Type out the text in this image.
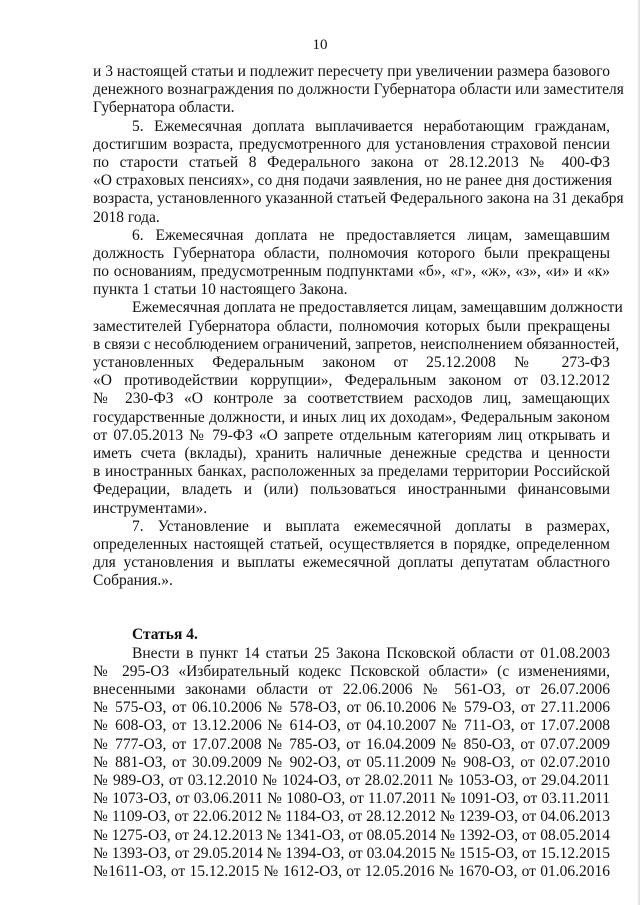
10
и 3 настоящей статьи и подлежит пересчету при увеличении размера базового
денежного вознаграждения по должности Губернатора области или заместителя
Губернатора области.
5. Ежемесячная доплата выплачивается неработающим гражданам,
достигшим возраста, предусмотренного для установления страховой пенсии
по старости статьей 8 Федерального закона от 28.12.2013 № 400-ФЗ
«О страховых пенсиях», со дня подачи заявления, но не ранее дня достижения
возраста, установленного указанной статьей Федерального закона на 31 декабря
2018 года.
6. Ежемесячная доплата не предоставляется лицам, замещавшим
должность Губернатора области, полномочия которого были прекращены
по основаниям, предусмотренным подпунктами «б», «г», «ж», «з», «и» и «к»
пункта 1 статьи 10 настоящего Закона.
Ежемесячная доплата не предоставляется лицам, замещавшим должности
заместителей Губернатора области, полномочия которых были прекращены
в связи с несоблюдением ограничений, запретов, неисполнением обязанностей,
установленных Федеральным законом от 25.12.2008 № 273-ФЗ
«О противодействии коррупции», Федеральным законом от 03.12.2012
№ 230-ФЗ «О контроле за соответствием расходов лиц, замещающих
государственные должности, и иных лиц их доходам», Федеральным законом
от 07.05.2013 № 79-ФЗ «О запрете отдельным категориям лиц открывать и
иметь счета (вклады), хранить наличные денежные средства и ценности
в иностранных банках, расположенных за пределами территории Российской
Федерации, владеть и (или) пользоваться иностранными финансовыми
инструментами».
7. Установление и выплата ежемесячной доплаты в размерах,
определенных настоящей статьей, осуществляется в порядке, определенном
для установления и выплаты ежемесячной доплаты депутатам областного
Собрания.».
Статья 4.
Внести в пункт 14 статьи 25 Закона Псковской области от 01.08.2003
№ 295-ОЗ «Избирательный кодекс Псковской области» (с изменениями,
внесенными законами области от 22.06.2006 № 561-ОЗ, от 26.07.2006
№ 575-ОЗ, от 06.10.2006 № 578-ОЗ, от 06.10.2006 № 579-ОЗ, от 27.11.2006
№ 608-ОЗ, от 13.12.2006 № 614-ОЗ, от 04.10.2007 № 711-ОЗ, от 17.07.2008
№ 777-ОЗ, от 17.07.2008 № 785-ОЗ, от 16.04.2009 № 850-ОЗ, от 07.07.2009
№ 881-ОЗ, от 30.09.2009 № 902-ОЗ, от 05.11.2009 № 908-ОЗ, от 02.07.2010
№ 989-ОЗ, от 03.12.2010 № 1024-ОЗ, от 28.02.2011 № 1053-ОЗ, от 29.04.2011
№ 1073-ОЗ, от 03.06.2011 № 1080-ОЗ, от 11.07.2011 № 1091-ОЗ, от 03.11.2011
№ 1109-ОЗ, от 22.06.2012 № 1184-ОЗ, от 28.12.2012 № 1239-ОЗ, от 04.06.2013
№ 1275-ОЗ, от 24.12.2013 № 1341-ОЗ, от 08.05.2014 № 1392-ОЗ, от 08.05.2014
№ 1393-ОЗ, от 29.05.2014 № 1394-ОЗ, от 03.04.2015 № 1515-ОЗ, от 15.12.2015
№1611-ОЗ, от 15.12.2015 № 1612-ОЗ, от 12.05.2016 № 1670-ОЗ, от 01.06.2016
